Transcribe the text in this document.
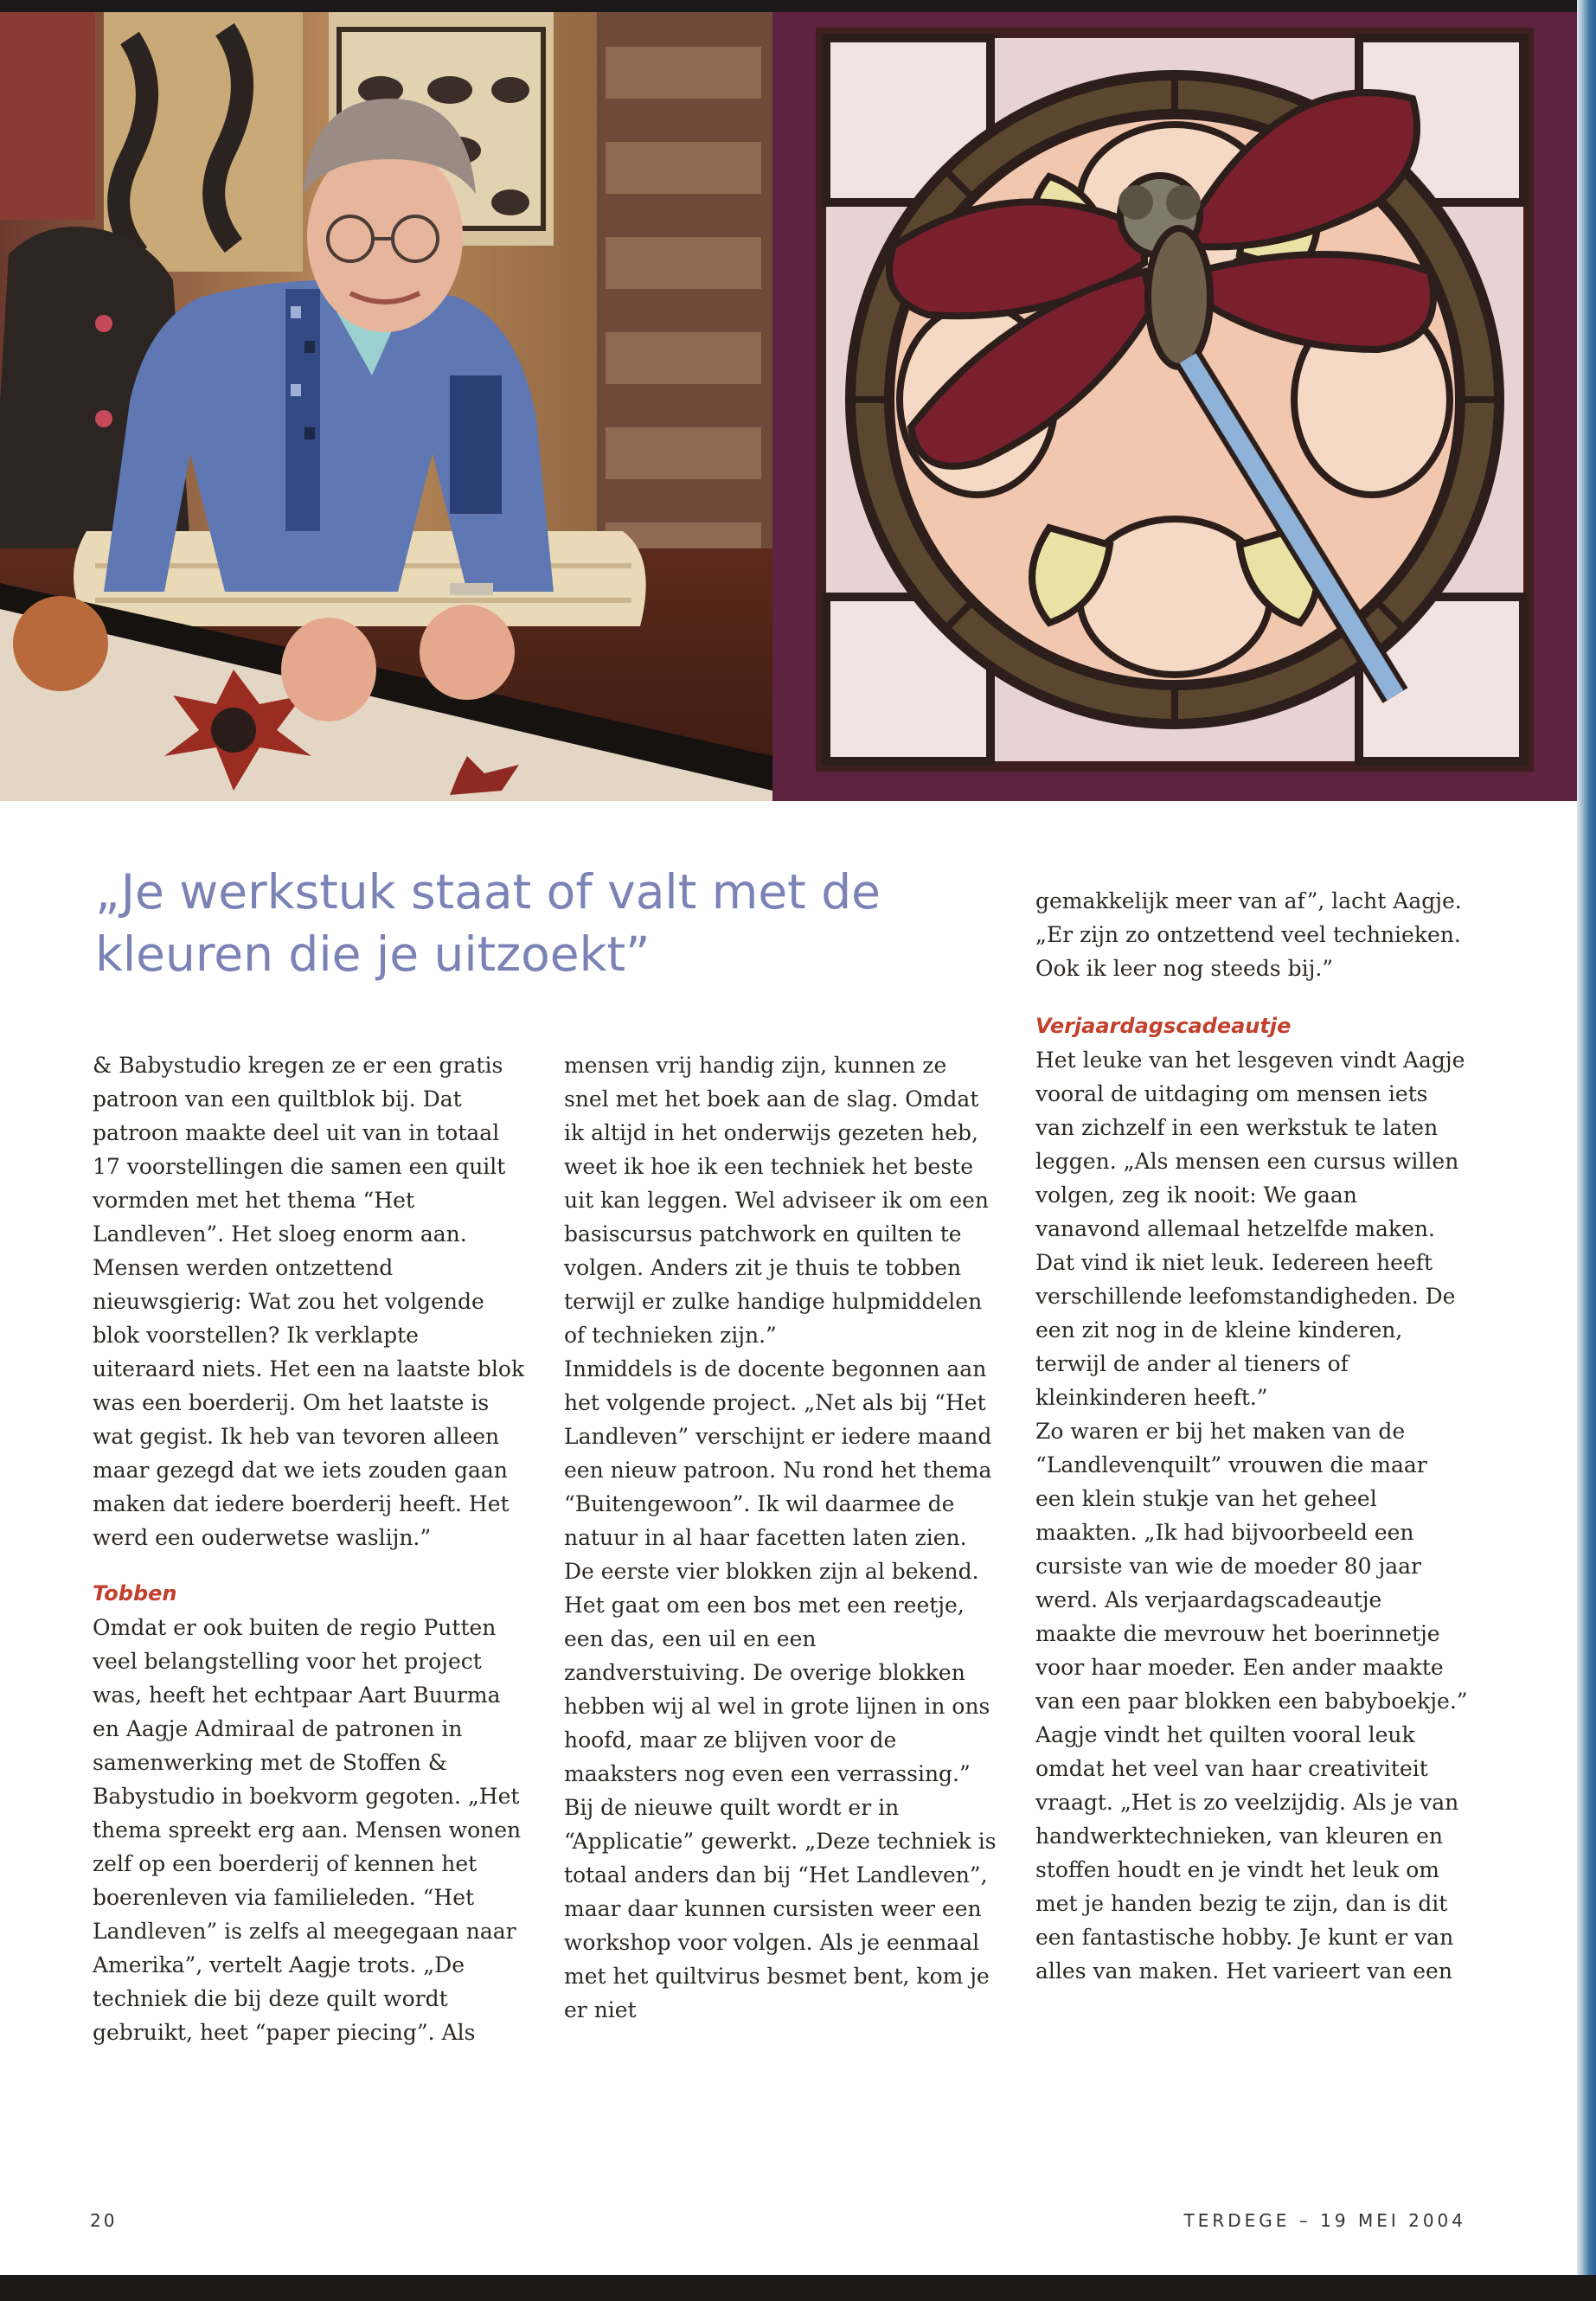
„Je werkstuk staat of valt met de kleuren die je uitzoekt”

& Babystudio kregen ze er een gratis patroon van een quiltblok bij. Dat patroon maakte deel uit van in totaal 17 voorstellingen die samen een quilt vormden met het thema “Het Landleven”. Het sloeg enorm aan. Mensen werden ontzettend nieuwsgierig: Wat zou het volgende blok voorstellen? Ik verklapte uiteraard niets. Het een na laatste blok was een boerderij. Om het laatste is wat gegist. Ik heb van tevoren alleen maar gezegd dat we iets zouden gaan maken dat iedere boerderij heeft. Het werd een ouderwetse waslijn.”

Tobben

Omdat er ook buiten de regio Putten veel belangstelling voor het project was, heeft het echtpaar Aart Buurma en Aagje Admiraal de patronen in samenwerking met de Stoffen & Babystudio in boekvorm gegoten. „Het thema spreekt erg aan. Mensen wonen zelf op een boerderij of kennen het boerenleven via familieleden. “Het Landleven” is zelfs al meegegaan naar Amerika”, vertelt Aagje trots. „De techniek die bij deze quilt wordt gebruikt, heet “paper piecing”. Als

mensen vrij handig zijn, kunnen ze snel met het boek aan de slag. Omdat ik altijd in het onderwijs gezeten heb, weet ik hoe ik een techniek het beste uit kan leggen. Wel adviseer ik om een basiscursus patchwork en quilten te volgen. Anders zit je thuis te tobben terwijl er zulke handige hulpmiddelen of technieken zijn.”

Inmiddels is de docente begonnen aan het volgende project. „Net als bij “Het Landleven” verschijnt er iedere maand een nieuw patroon. Nu rond het thema “Buitengewoon”. Ik wil daarmee de natuur in al haar facetten laten zien. De eerste vier blokken zijn al bekend. Het gaat om een bos met een reetje, een das, een uil en een zandverstuiving. De overige blokken hebben wij al wel in grote lijnen in ons hoofd, maar ze blijven voor de maaksters nog even een verrassing.”

Bij de nieuwe quilt wordt er in “Applicatie” gewerkt. „Deze techniek is totaal anders dan bij “Het Landleven”, maar daar kunnen cursisten weer een workshop voor volgen. Als je eenmaal met het quiltvirus besmet bent, kom je er niet

gemakkelijk meer van af”, lacht Aagje. „Er zijn zo ontzettend veel technieken. Ook ik leer nog steeds bij.”

Verjaardagscadeautje

Het leuke van het lesgeven vindt Aagje vooral de uitdaging om mensen iets van zichzelf in een werkstuk te laten leggen. „Als mensen een cursus willen volgen, zeg ik nooit: We gaan vanavond allemaal hetzelfde maken. Dat vind ik niet leuk. Iedereen heeft verschillende leefomstandigheden. De een zit nog in de kleine kinderen, terwijl de ander al tieners of kleinkinderen heeft.”

Zo waren er bij het maken van de “Landlevenquilt” vrouwen die maar een klein stukje van het geheel maakten. „Ik had bijvoorbeeld een cursiste van wie de moeder 80 jaar werd. Als verjaardagscadeautje maakte die mevrouw het boerinnetje voor haar moeder. Een ander maakte van een paar blokken een babyboekje.”

Aagje vindt het quilten vooral leuk omdat het veel van haar creativiteit vraagt. „Het is zo veelzijdig. Als je van handwerktechnieken, van kleuren en stoffen houdt en je vindt het leuk om met je handen bezig te zijn, dan is dit een fantastische hobby. Je kunt er van alles van maken. Het varieert van een

20	TERDEGE – 19 MEI 2004
